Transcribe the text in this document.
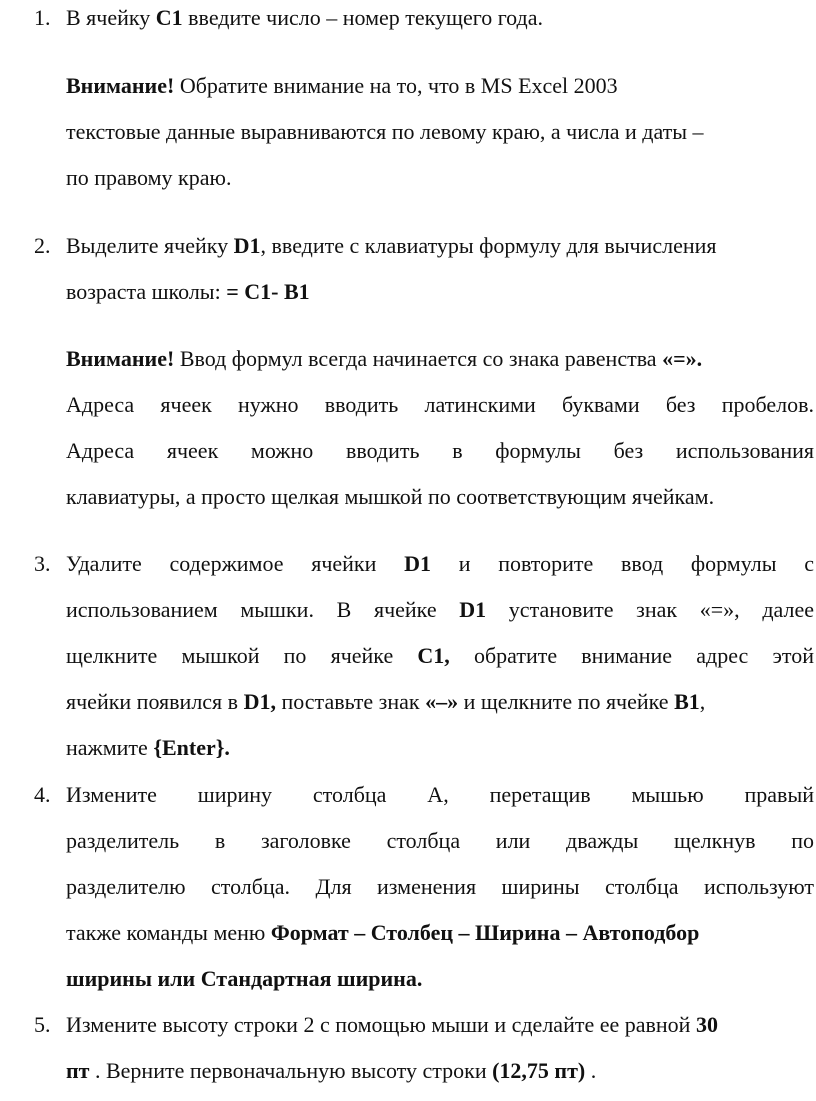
1. В ячейку С1 введите число – номер текущего года.
Внимание! Обратите внимание на то, что в MS Excel 2003
текстовые данные выравниваются по левому краю, а числа и даты –
по правому краю.
2. Выделите ячейку D1, введите с клавиатуры формулу для вычисления
возраста школы: = C1- B1
Внимание! Ввод формул всегда начинается со знака равенства «=».
Адреса ячеек нужно вводить латинскими буквами без пробелов.
Адреса ячеек можно вводить в формулы без использования
клавиатуры, а просто щелкая мышкой по соответствующим ячейкам.
3. Удалите содержимое ячейки D1 и повторите ввод формулы с
использованием мышки. В ячейке D1 установите знак «=», далее
щелкните мышкой по ячейке С1, обратите внимание адрес этой
ячейки появился в D1, поставьте знак «–» и щелкните по ячейке В1,
нажмите {Enter}.
4. Измените ширину столбца А, перетащив мышью правый
разделитель в заголовке столбца или дважды щелкнув по
разделителю столбца. Для изменения ширины столбца используют
также команды меню Формат – Столбец – Ширина – Автоподбор
ширины или Стандартная ширина.
5. Измените высоту строки 2 с помощью мыши и сделайте ее равной 30
пт . Верните первоначальную высоту строки (12,75 пт) .
